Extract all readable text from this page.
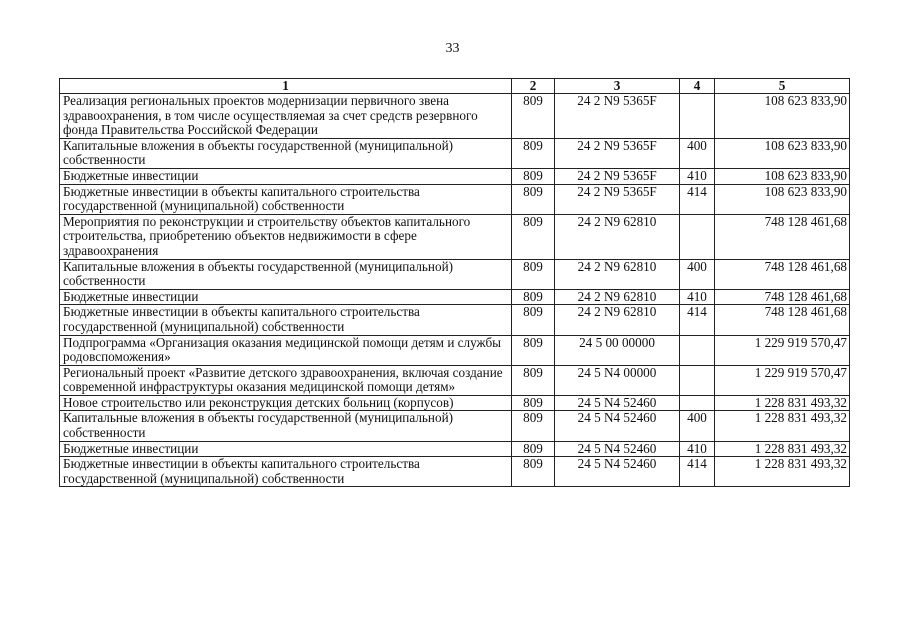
33
1	2	3	4	5
Реализация региональных проектов модернизации первичного звена здравоохранения, в том числе осуществляемая за счет средств резервного фонда Правительства Российской Федерации	809	24 2 N9 5365F		108 623 833,90
Капитальные вложения в объекты государственной (муниципальной) собственности	809	24 2 N9 5365F	400	108 623 833,90
Бюджетные инвестиции	809	24 2 N9 5365F	410	108 623 833,90
Бюджетные инвестиции в объекты капитального строительства государственной (муниципальной) собственности	809	24 2 N9 5365F	414	108 623 833,90
Мероприятия по реконструкции и строительству объектов капитального строительства, приобретению объектов недвижимости в сфере здравоохранения	809	24 2 N9 62810		748 128 461,68
Капитальные вложения в объекты государственной (муниципальной) собственности	809	24 2 N9 62810	400	748 128 461,68
Бюджетные инвестиции	809	24 2 N9 62810	410	748 128 461,68
Бюджетные инвестиции в объекты капитального строительства государственной (муниципальной) собственности	809	24 2 N9 62810	414	748 128 461,68
Подпрограмма «Организация оказания медицинской помощи детям и службы родовспоможения»	809	24 5 00 00000		1 229 919 570,47
Региональный проект «Развитие детского здравоохранения, включая создание современной инфраструктуры оказания медицинской помощи детям»	809	24 5 N4 00000		1 229 919 570,47
Новое строительство или реконструкция детских больниц (корпусов)	809	24 5 N4 52460		1 228 831 493,32
Капитальные вложения в объекты государственной (муниципальной) собственности	809	24 5 N4 52460	400	1 228 831 493,32
Бюджетные инвестиции	809	24 5 N4 52460	410	1 228 831 493,32
Бюджетные инвестиции в объекты капитального строительства государственной (муниципальной) собственности	809	24 5 N4 52460	414	1 228 831 493,32
